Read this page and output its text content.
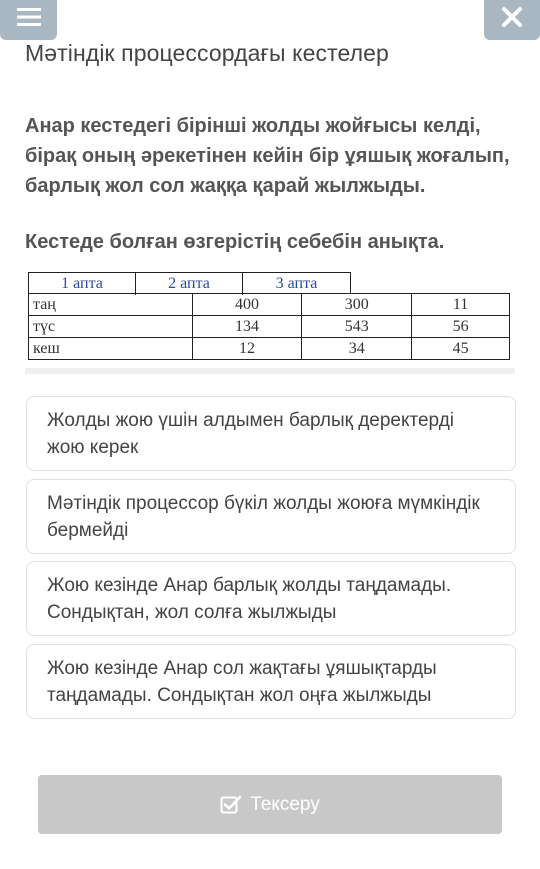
Мәтіндік процессордағы кестелер
Анар кестедегі бірінші жолды жойғысы келді, бірақ оның әрекетінен кейін бір ұяшық жоғалып, барлық жол сол жаққа қарай жылжыды.
Кестеде болған өзгерістің себебін анықта.
1 апта	2 апта	3 апта
таң	400	300	11
түс	134	543	56
кеш	12	34	45
Жолды жою үшін алдымен барлық деректерді жою керек
Мәтіндік процессор бүкіл жолды жоюға мүмкіндік бермейді
Жою кезінде Анар барлық жолды таңдамады. Сондықтан, жол солға жылжыды
Жою кезінде Анар сол жақтағы ұяшықтарды таңдамады. Сондықтан жол оңға жылжыды
Тексеру
